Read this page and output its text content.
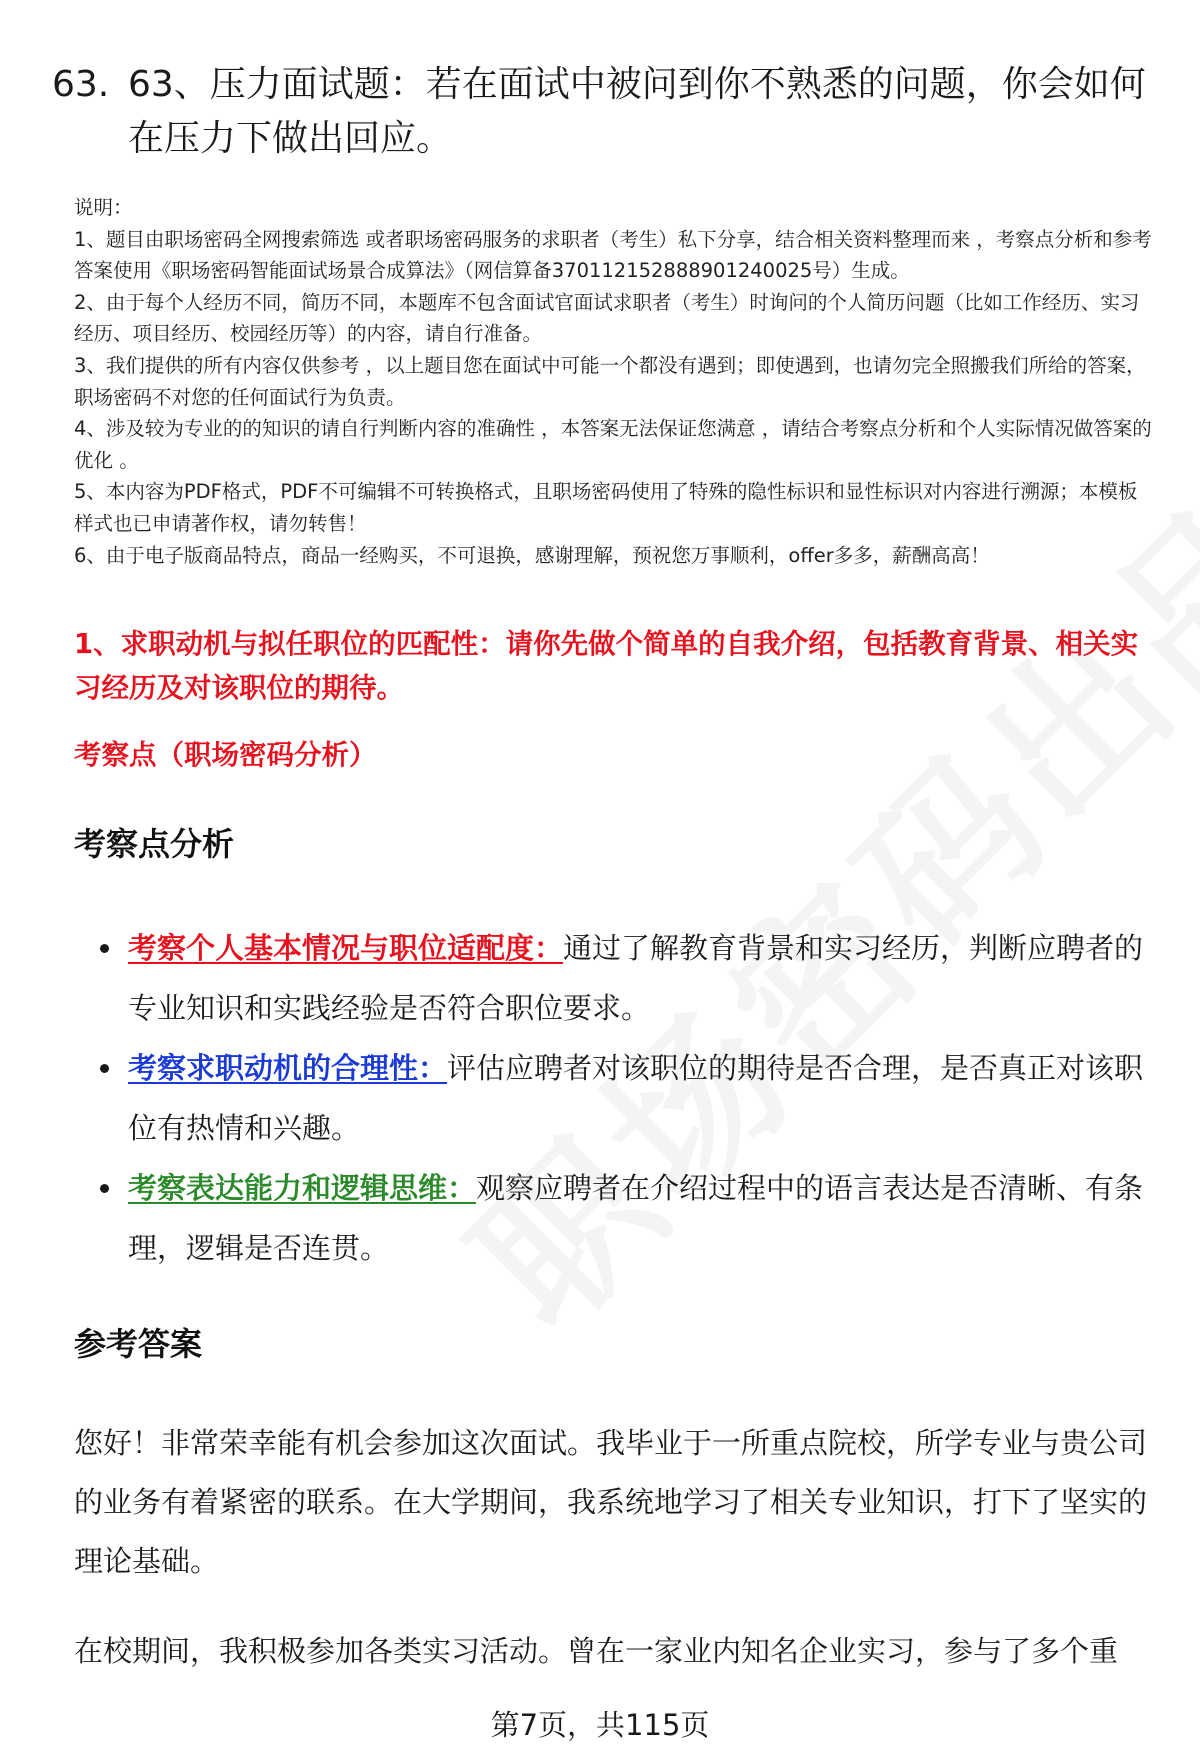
63. 63、压力面试题：若在面试中被问到你不熟悉的问题，你会如何在压力下做出回应。

说明：

1、题目由职场密码全网搜索筛选 或者职场密码服务的求职者（考生）私下分享，结合相关资料整理而来 ，考察点分析和参考答案使用《职场密码智能面试场景合成算法》（网信算备370112152888901240025号）生成。

2、由于每个人经历不同，简历不同，本题库不包含面试官面试求职者（考生）时询问的个人简历问题（比如工作经历、实习经历、项目经历、校园经历等）的内容，请自行准备。

3、我们提供的所有内容仅供参考 ，以上题目您在面试中可能一个都没有遇到；即使遇到，也请勿完全照搬我们所给的答案，职场密码不对您的任何面试行为负责。

4、涉及较为专业的的知识的请自行判断内容的准确性 ，本答案无法保证您满意 ，请结合考察点分析和个人实际情况做答案的优化 。

5、本内容为PDF格式，PDF不可编辑不可转换格式，且职场密码使用了特殊的隐性标识和显性标识对内容进行溯源；本模板样式也已申请著作权，请勿转售！

6、由于电子版商品特点，商品一经购买，不可退换，感谢理解，预祝您万事顺利，offer多多，薪酬高高！

1、求职动机与拟任职位的匹配性：请你先做个简单的自我介绍，包括教育背景、相关实习经历及对该职位的期待。
考察点（职场密码分析）
考察点分析
考察个人基本情况与职位适配度：通过了解教育背景和实习经历，判断应聘者的专业知识和实践经验是否符合职位要求。
考察求职动机的合理性：评估应聘者对该职位的期待是否合理，是否真正对该职位有热情和兴趣。
考察表达能力和逻辑思维：观察应聘者在介绍过程中的语言表达是否清晰、有条理，逻辑是否连贯。
参考答案

您好！非常荣幸能有机会参加这次面试。我毕业于一所重点院校，所学专业与贵公司的业务有着紧密的联系。在大学期间，我系统地学习了相关专业知识，打下了坚实的理论基础。

在校期间，我积极参加各类实习活动。曾在一家业内知名企业实习，参与了多个重

第7页，共115页
